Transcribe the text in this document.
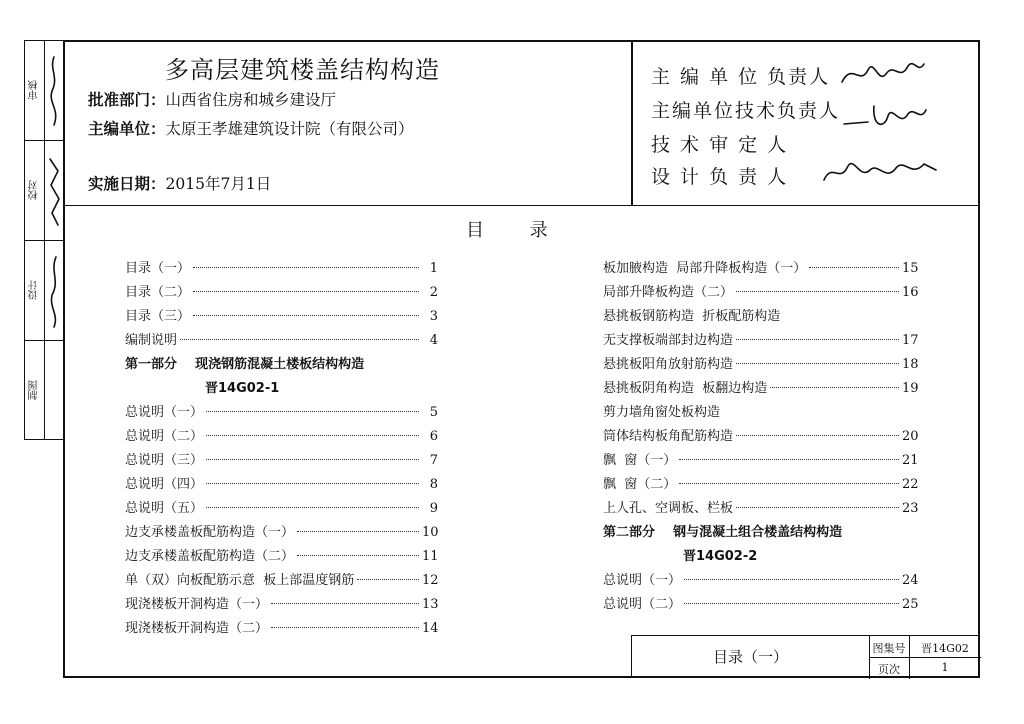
审核
校对
设计
制图
多高层建筑楼盖结构构造
批准部门：山西省住房和城乡建设厅
主编单位：太原王孝雄建筑设计院（有限公司）
实施日期：2015年7月1日
主 编 单 位 负责人
主编单位技术负责人
技 术 审 定 人
设 计 负 责 人
目        录
目录（一）	1
目录（二）	2
目录（三）	3
编制说明	4
第一部分    现浇钢筋混凝土楼板结构构造
晋14G02-1
总说明（一）	5
总说明（二）	6
总说明（三）	7
总说明（四）	8
总说明（五）	9
边支承楼盖板配筋构造（一）	10
边支承楼盖板配筋构造（二）	11
单（双）向板配筋示意  板上部温度钢筋	12
现浇楼板开洞构造（一）	13
现浇楼板开洞构造（二）	14
板加腋构造  局部升降板构造（一）	15
局部升降板构造（二）	16
悬挑板钢筋构造  折板配筋构造
无支撑板端部封边构造	17
悬挑板阳角放射筋构造	18
悬挑板阴角构造  板翻边构造	19
剪力墙角窗处板构造
筒体结构板角配筋构造	20
飘  窗（一）	21
飘  窗（二）	22
上人孔、空调板、栏板	23
第二部分    钢与混凝土组合楼盖结构构造
晋14G02-2
总说明（一）	24
总说明（二）	25
目录（一）	图集号	晋14G02
页次	1
